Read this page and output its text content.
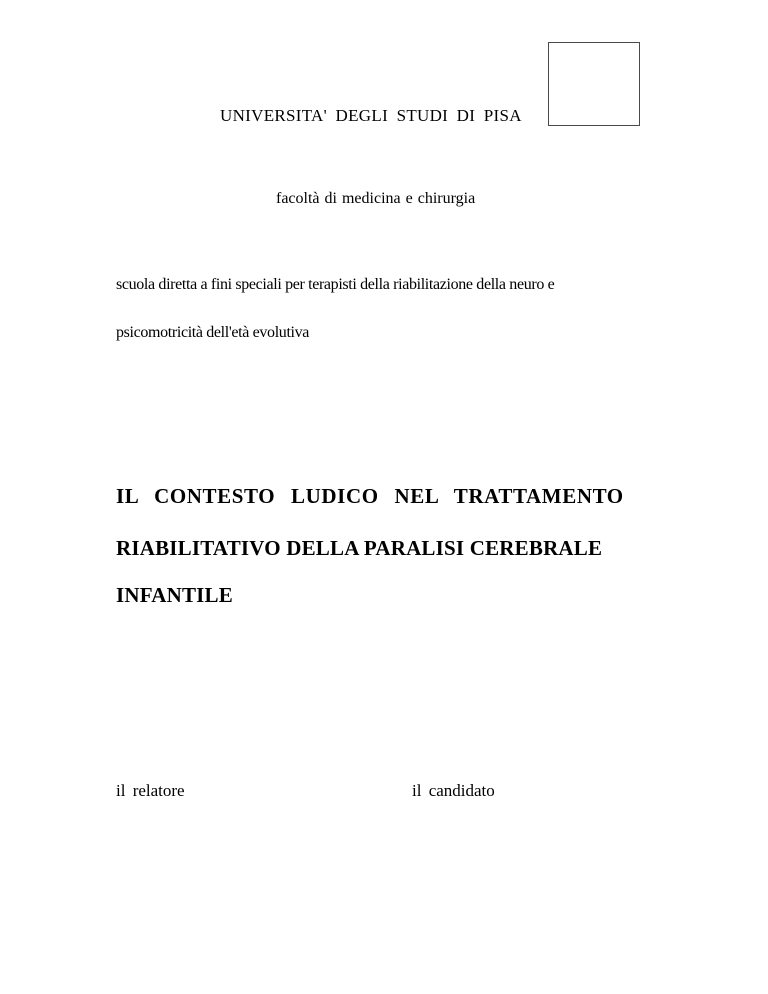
UNIVERSITA' DEGLI STUDI DI PISA

facoltà di medicina e chirurgia

scuola diretta a fini speciali per terapisti della riabilitazione della neuro e

psicomotricità dell'età evolutiva

IL CONTESTO LUDICO NEL TRATTAMENTO

RIABILITATIVO DELLA PARALISI CEREBRALE

INFANTILE

il relatore	il candidato
